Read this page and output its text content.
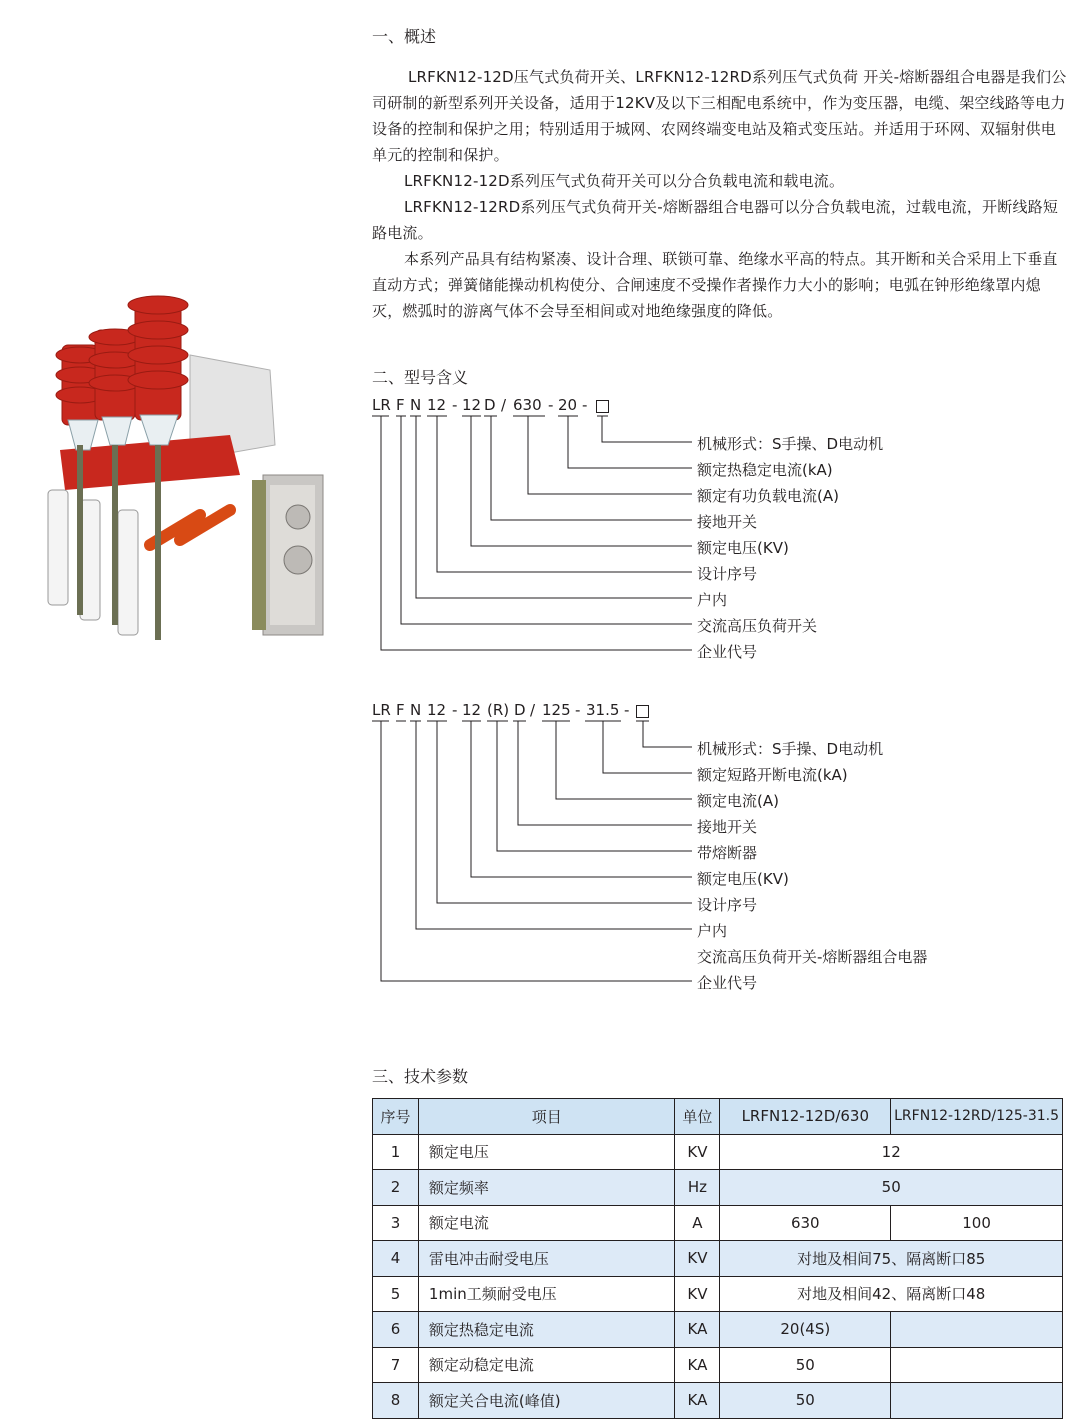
一、概述

LRFKN12-12D压气式负荷开关、LRFKN12-12RD系列压气式负荷 开关-熔断器组合电器是我们公司研制的新型系列开关设备，适用于12KV及以下三相配电系统中，作为变压器，电缆、架空线路等电力设备的控制和保护之用；特别适用于城网、农网终端变电站及箱式变压站。并适用于环网、双辐射供电单元的控制和保护。

LRFKN12-12D系列压气式负荷开关可以分合负载电流和载电流。

LRFKN12-12RD系列压气式负荷开关-熔断器组合电器可以分合负载电流，过载电流，开断线路短路电流。

本系列产品具有结构紧凑、设计合理、联锁可靠、绝缘水平高的特点。其开断和关合采用上下垂直直动方式；弹簧储能操动机构使分、合闸速度不受操作者操作力大小的影响；电弧在钟形绝缘罩内熄灭，燃弧时的游离气体不会导至相间或对地绝缘强度的降低。

二、型号含义
LR F N 12 - 12 D / 630 - 20 -
机械形式：S手操、D电动机
额定热稳定电流(kA)
额定有功负载电流(A)
接地开关
额定电压(KV)
设计序号
户内
交流高压负荷开关
企业代号
LR F N 12 - 12 (R) D / 125 - 31.5 -
机械形式：S手操、D电动机
额定短路开断电流(kA)
额定电流(A)
接地开关
带熔断器
额定电压(KV)
设计序号
户内
交流高压负荷开关-熔断器组合电器
企业代号
三、技术参数
序号	项目	单位	LRFN12-12D/630	LRFN12-12RD/125-31.5
1	额定电压	KV	12	
2	额定频率	Hz	50	
3	额定电流	A	630	100
4	雷电冲击耐受电压	KV	对地及相间75、隔离断口85	
5	1min工频耐受电压	KV	对地及相间42、隔离断口48	
6	额定热稳定电流	KA	20(4S)	
7	额定动稳定电流	KA	50	
8	额定关合电流(峰值)	KA	50	
